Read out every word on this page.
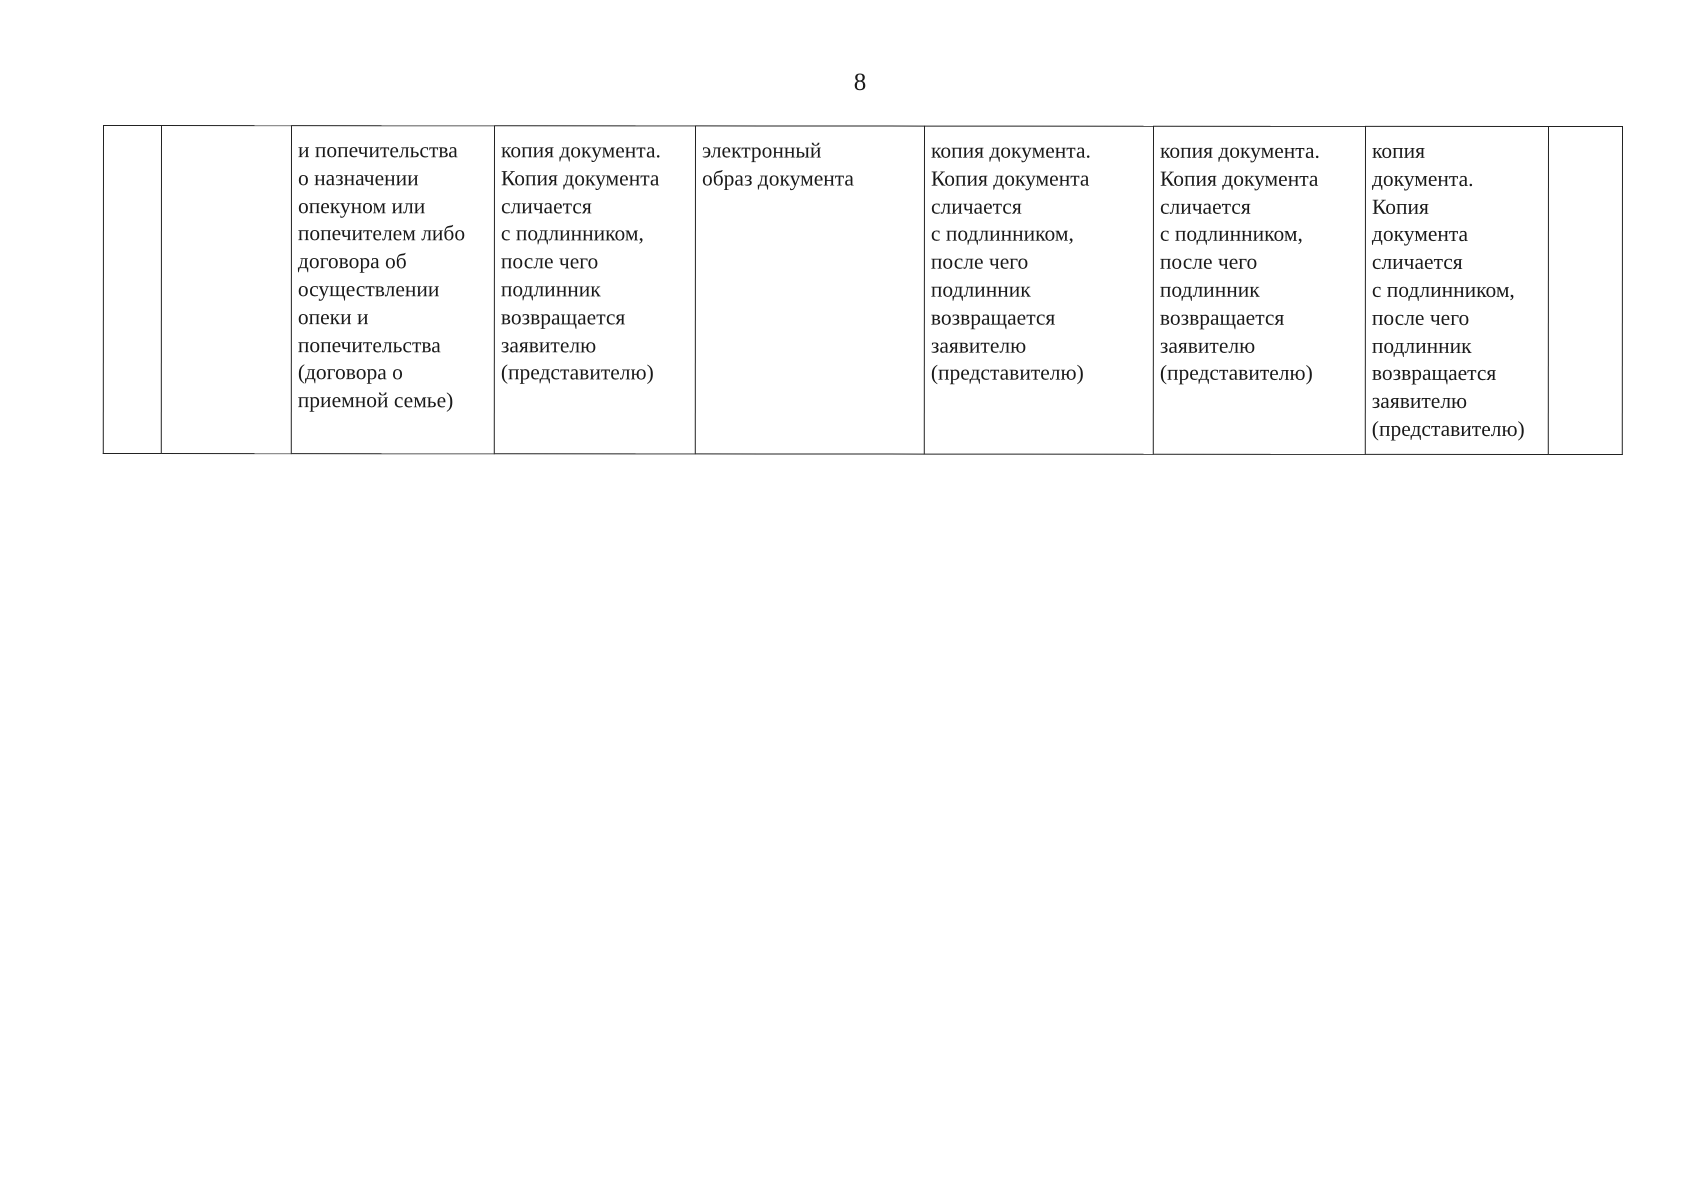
8
		и попечительства
о назначении
опекуном или
попечителем либо
договора об
осуществлении
опеки и
попечительства
(договора о
приемной семье)	копия документа.
Копия документа
сличается
с подлинником,
после чего
подлинник
возвращается
заявителю
(представителю)	электронный
образ документа	копия документа.
Копия документа
сличается
с подлинником,
после чего
подлинник
возвращается
заявителю
(представителю)	копия документа.
Копия документа
сличается
с подлинником,
после чего
подлинник
возвращается
заявителю
(представителю)	копия
документа.
Копия
документа
сличается
с подлинником,
после чего
подлинник
возвращается
заявителю
(представителю)	
